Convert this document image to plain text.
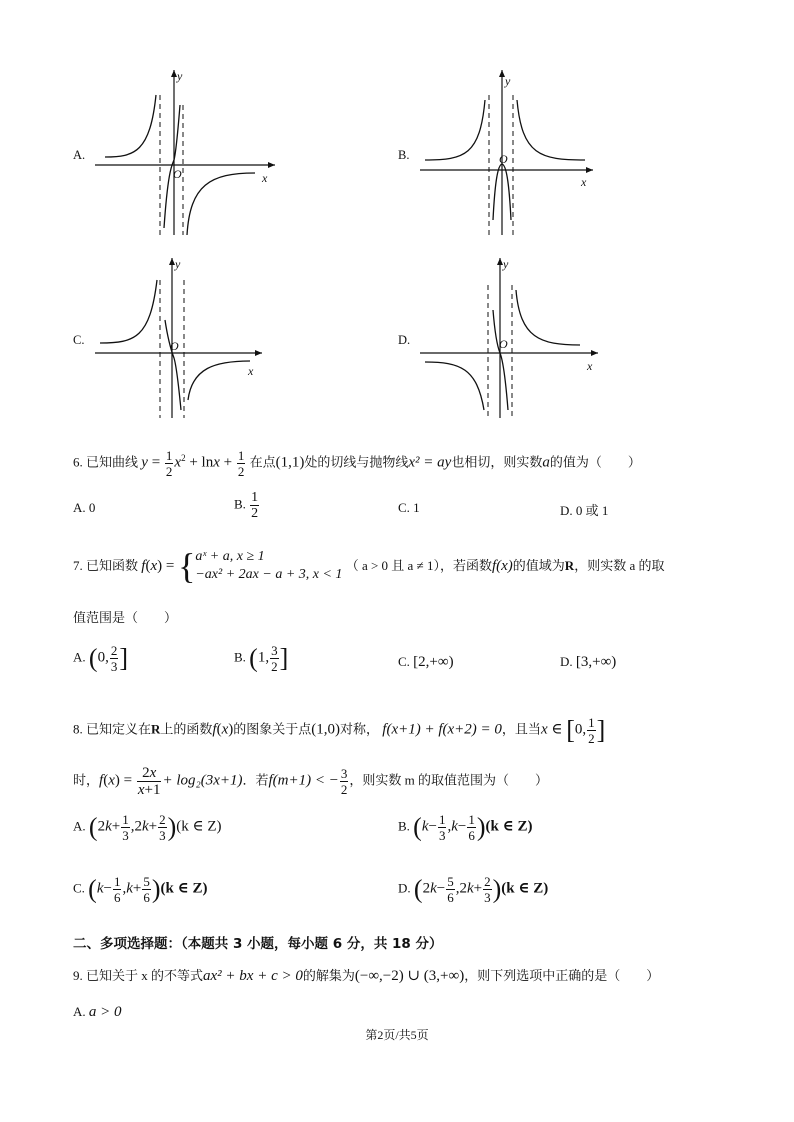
A.
y
x
O
B.
y
x
O
C.
y
x
O	D.
y
x
O
6. 已知曲线 $y = \frac{1}{2} x^2 + \ln x + \frac{1}{2}$ 在点(1,1)处的切线与抛物线x² = ay也相切，则实数a的值为（　　）
A. 0	B. $\frac{1}{2}$	C. 1	D. 0 或 1
7. 已知函数 f(x) = { aˣ + a, x ≥ 1
−ax² + 2ax − a + 3, x < 1
（ a > 0 且 a ≠ 1），若函数f(x)的值域为R，则实数 a 的取
值范围是（　　）
A. (0, $\frac{2}{3}$ ]	B. (1, $\frac{3}{2}$ ]	C. [2,+∞)	D. [3,+∞)
8. 已知定义在R上的函数f(x)的图象关于点(1,0)对称， f(x+1) + f(x+2) = 0，且当x ∈ [0, $\frac{1}{2}$ ]
时，$f(x) = \frac{2x}{x+1} + \log_2(3x+1)$．若f(m+1) < − $\frac{3}{2}$ ，则实数 m 的取值范围为（　　）
A. $(2k+ \frac{1}{3} ,2k+ \frac{2}{3} )(k$ ∈ Z)	B. $(k- \frac{1}{3} ,k- \frac{1}{6} )(k$ ∈ Z)
C. $(k- \frac{1}{6} ,k+ \frac{5}{6} )(k$ ∈ Z)	D. $(2k- \frac{5}{6} ,2k+ \frac{2}{3} )(k$ ∈ Z)
二、多项选择题：（本题共 3 小题，每小题 6 分，共 18 分）
9. 已知关于 x 的不等式ax² + bx + c > 0的解集为(−∞,−2) ∪ (3,+∞)，则下列选项中正确的是（　　）
A. a > 0
第2页/共5页
